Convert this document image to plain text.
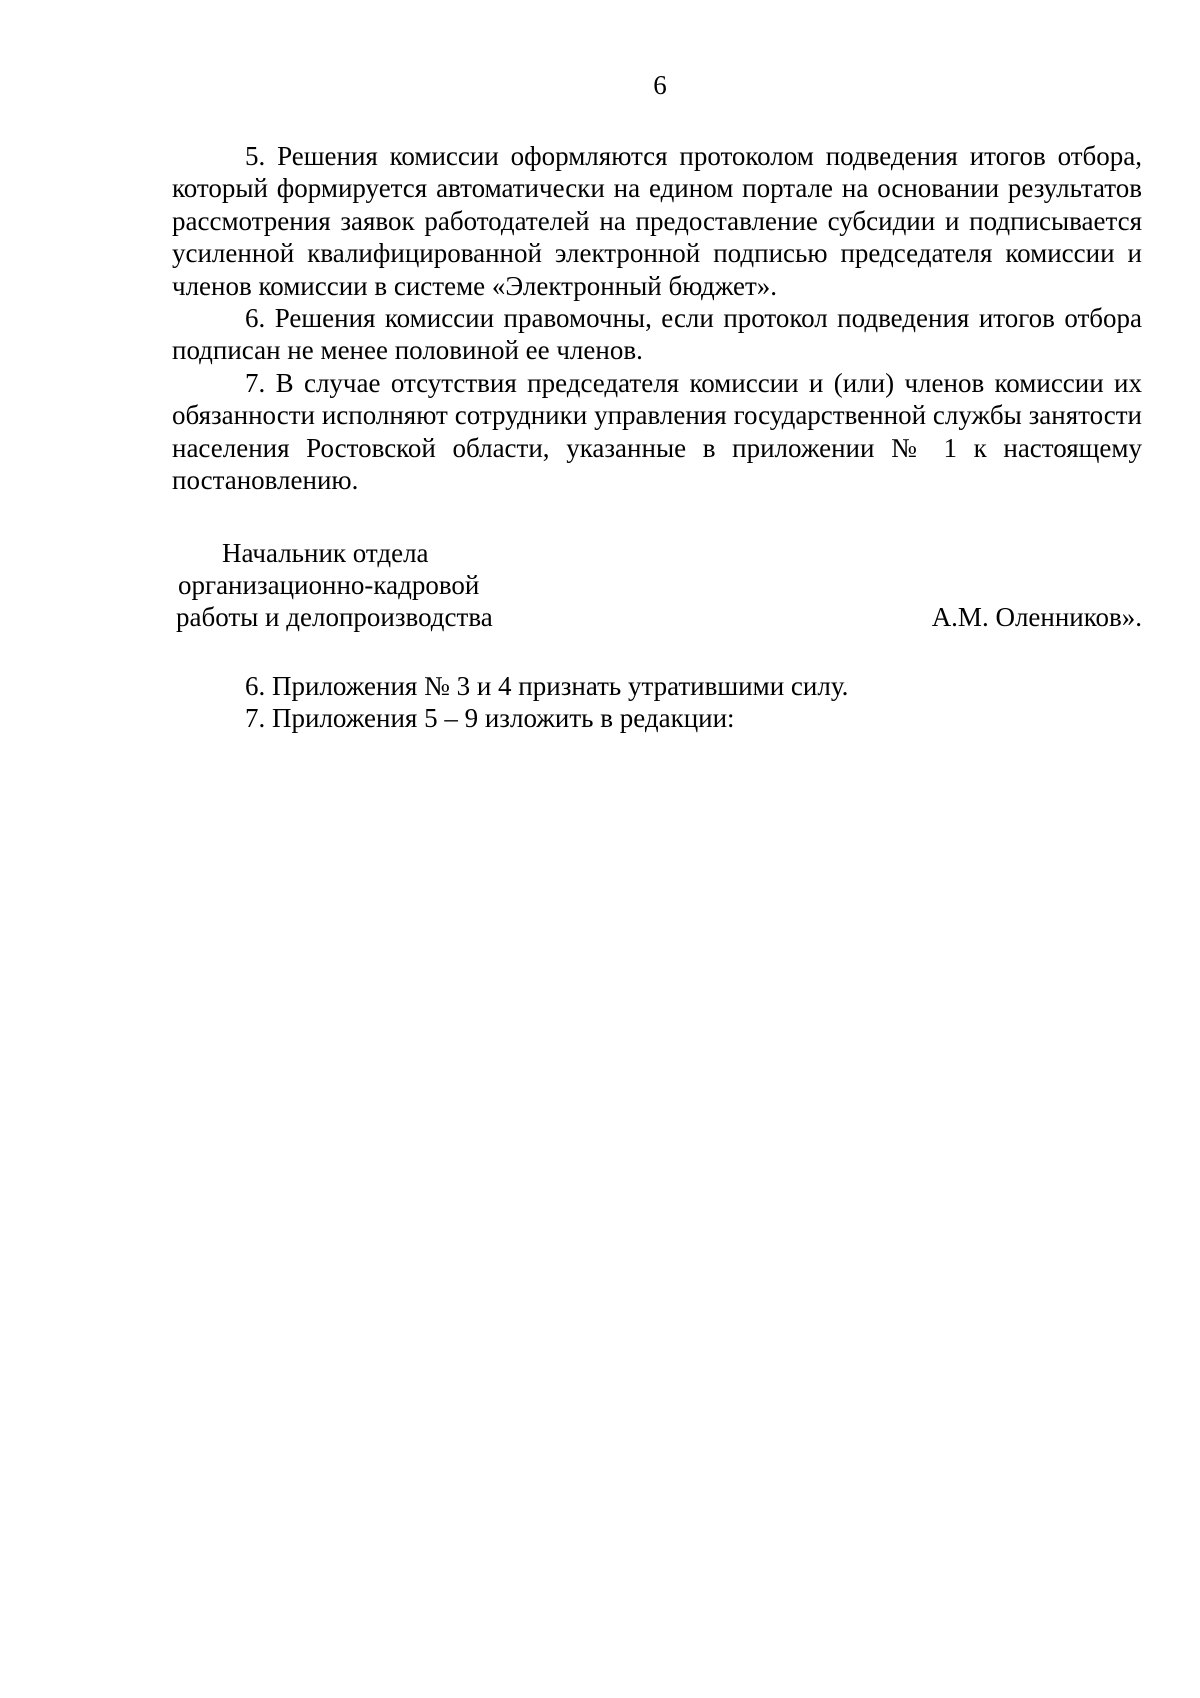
6

5. Решения комиссии оформляются протоколом подведения итогов отбора, который формируется автоматически на едином портале на основании результатов рассмотрения заявок работодателей на предоставление субсидии и подписывается усиленной квалифицированной электронной подписью председателя комиссии и членов комиссии в системе «Электронный бюджет».

6. Решения комиссии правомочны, если протокол подведения итогов отбора подписан не менее половиной ее членов.

7. В случае отсутствия председателя комиссии и (или) членов комиссии их обязанности исполняют сотрудники управления государственной службы занятости населения Ростовской области, указанные в приложении № 1 к настоящему постановлению.

Начальник отдела
организационно-кадровой
работы и делопроизводства	А.М. Оленников».

6. Приложения № 3 и 4 признать утратившими силу.

7. Приложения 5 – 9 изложить в редакции:
